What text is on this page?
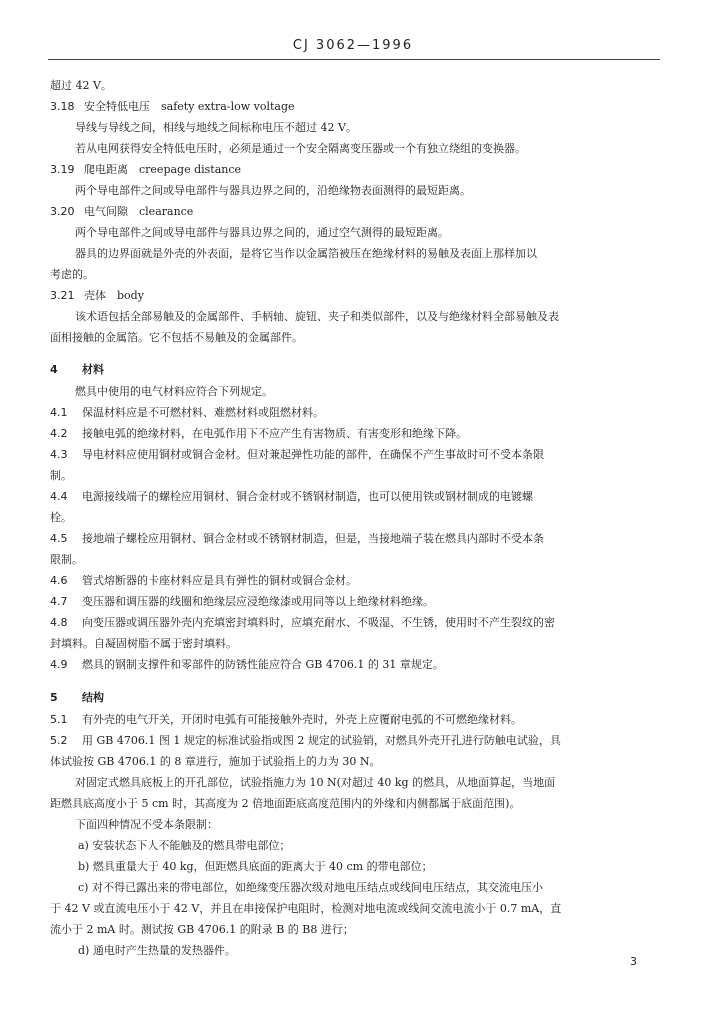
CJ 3062—1996
超过 42 V。
3.18 安全特低电压　safety extra-low voltage
导线与导线之间，相线与地线之间标称电压不超过 42 V。
若从电网获得安全特低电压时，必须是通过一个安全隔离变压器或一个有独立绕组的变换器。
3.19 爬电距离　creepage distance
两个导电部件之间或导电部件与器具边界之间的，沿绝缘物表面测得的最短距离。
3.20 电气间隙　clearance
两个导电部件之间或导电部件与器具边界之间的，通过空气测得的最短距离。
器具的边界面就是外壳的外表面，是将它当作以金属箔被压在绝缘材料的易触及表面上那样加以
考虑的。
3.21 壳体　body
该术语包括全部易触及的金属部件、手柄轴、旋钮、夹子和类似部件，以及与绝缘材料全部易触及表
面相接触的金属箔。它不包括不易触及的金属部件。
4 材料
燃具中使用的电气材料应符合下列规定。
4.1 保温材料应是不可燃材料、难燃材料或阻燃材料。
4.2 接触电弧的绝缘材料，在电弧作用下不应产生有害物质、有害变形和绝缘下降。
4.3 导电材料应使用铜材或铜合金材。但对兼起弹性功能的部件，在确保不产生事故时可不受本条限
制。
4.4 电源接线端子的螺栓应用铜材、铜合金材或不锈钢材制造，也可以使用铁或钢材制成的电镀螺
栓。
4.5 接地端子螺栓应用铜材、铜合金材或不锈钢材制造，但是，当接地端子装在燃具内部时不受本条
限制。
4.6 管式熔断器的卡座材料应是具有弹性的铜材或铜合金材。
4.7 变压器和调压器的线圈和绝缘层应浸绝缘漆或用同等以上绝缘材料绝缘。
4.8 向变压器或调压器外壳内充填密封填料时，应填充耐水、不吸湿、不生锈，使用时不产生裂纹的密
封填料。自凝固树脂不属于密封填料。
4.9 燃具的钢制支撑件和零部件的防锈性能应符合 GB 4706.1 的 31 章规定。
5 结构
5.1 有外壳的电气开关，开闭时电弧有可能接触外壳时，外壳上应覆耐电弧的不可燃绝缘材料。
5.2 用 GB 4706.1 图 1 规定的标准试验指或图 2 规定的试验销，对燃具外壳开孔进行防触电试验，具
体试验按 GB 4706.1 的 8 章进行，施加于试验指上的力为 30 N。
对固定式燃具底板上的开孔部位，试验指施力为 10 N(对超过 40 kg 的燃具，从地面算起，当地面
距燃具底高度小于 5 cm 时，其高度为 2 倍地面距底高度范围内的外缘和内侧都属于底面范围)。
下面四种情况不受本条限制：
a) 安装状态下人不能触及的燃具带电部位；
b) 燃具重量大于 40 kg，但距燃具底面的距离大于 40 cm 的带电部位；
c) 对不得已露出来的带电部位，如绝缘变压器次级对地电压结点或线间电压结点，其交流电压小
于 42 V 或直流电压小于 42 V，并且在串接保护电阻时，检测对地电流或线间交流电流小于 0.7 mA，直
流小于 2 mA 时。测试按 GB 4706.1 的附录 B 的 B8 进行；
d) 通电时产生热量的发热器件。
3
